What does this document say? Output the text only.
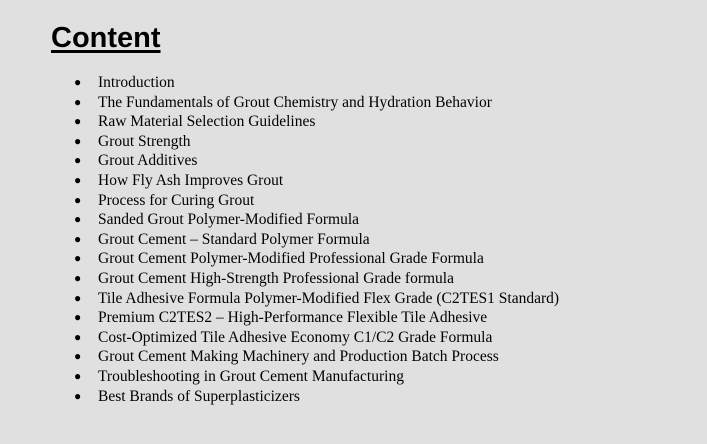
Content
● Introduction
● The Fundamentals of Grout Chemistry and Hydration Behavior
● Raw Material Selection Guidelines
● Grout Strength
● Grout Additives
● How Fly Ash Improves Grout
● Process for Curing Grout
● Sanded Grout Polymer-Modified Formula
● Grout Cement – Standard Polymer Formula
● Grout Cement Polymer-Modified Professional Grade Formula
● Grout Cement High-Strength Professional Grade formula
● Tile Adhesive Formula Polymer-Modified Flex Grade (C2TES1 Standard)
● Premium C2TES2 – High-Performance Flexible Tile Adhesive
● Cost-Optimized Tile Adhesive Economy C1/C2 Grade Formula
● Grout Cement Making Machinery and Production Batch Process
● Troubleshooting in Grout Cement Manufacturing
● Best Brands of Superplasticizers
